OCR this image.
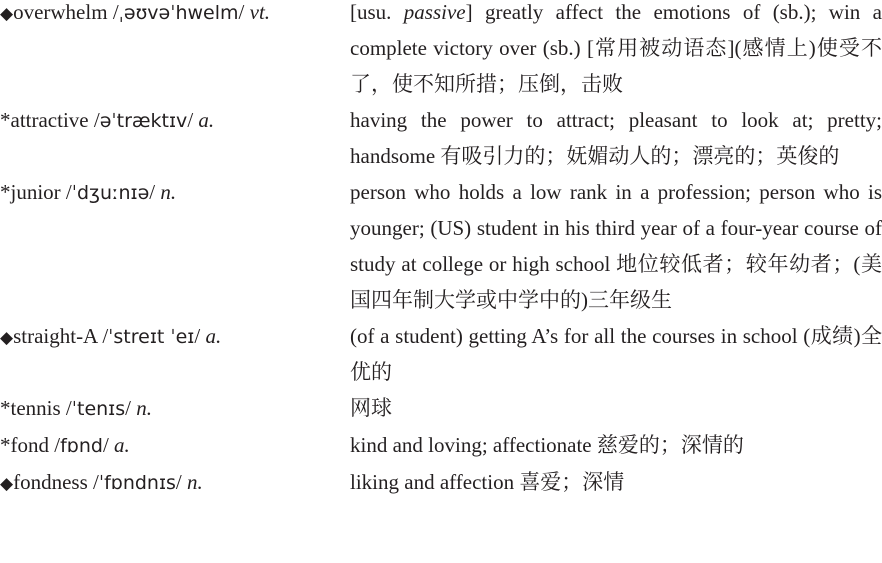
◆overwhelm /ˌəʊvəˈhwelm/ vt.	[usu. passive] greatly affect the emotions of (sb.); win a complete victory over (sb.) [常用被动语态](感情上)使受不了，使不知所措；压倒，击败
*attractive /əˈtræktɪv/ a.	having the power to attract; pleasant to look at; pretty; handsome 有吸引力的；妩媚动人的；漂亮的；英俊的
*junior /ˈdʒuːnɪə/ n.	person who holds a low rank in a profession; person who is younger; (US) student in his third year of a four-year course of study at college or high school 地位较低者；较年幼者；(美国四年制大学或中学中的)三年级生
◆straight-A /ˈstreɪt ˈeɪ/ a.	(of a student) getting A’s for all the courses in school (成绩)全优的
*tennis /ˈtenɪs/ n.	网球
*fond /fɒnd/ a.	kind and loving; affectionate 慈爱的；深情的
◆fondness /ˈfɒndnɪs/ n.	liking and affection 喜爱；深情
